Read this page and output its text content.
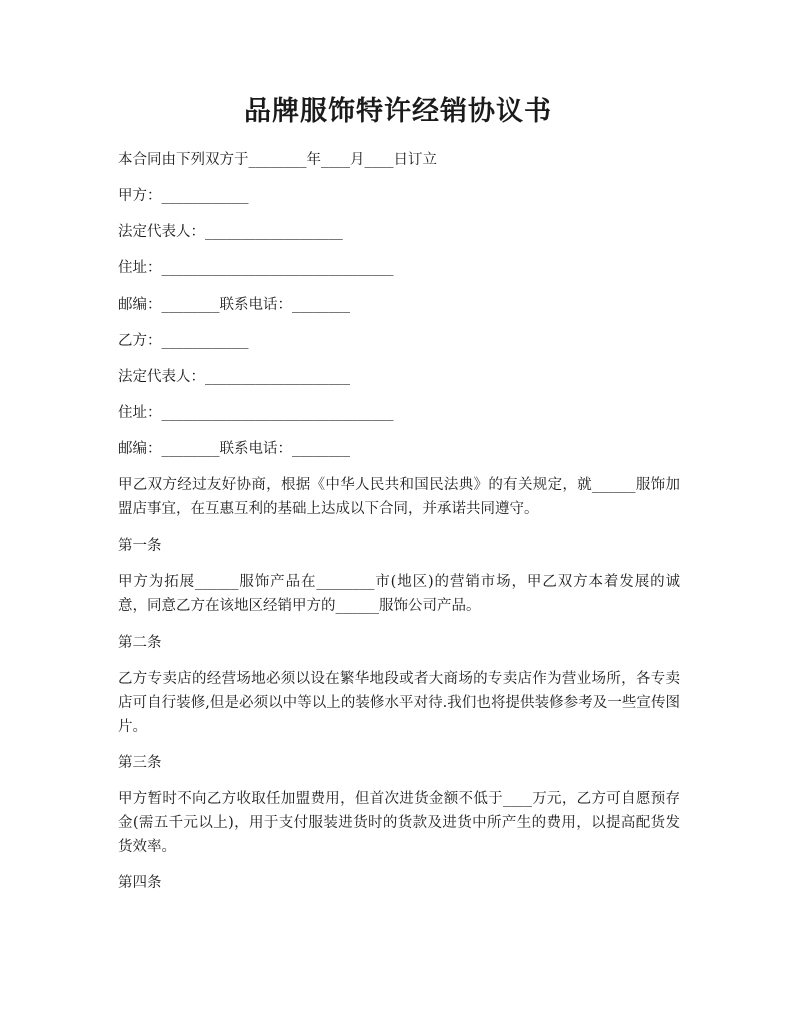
品牌服饰特许经销协议书

本合同由下列双方于________年____月____日订立

甲方：____________

法定代表人：___________________

住址：________________________________

邮编：________联系电话：________

乙方：____________

法定代表人：____________________

住址：________________________________

邮编：________联系电话：________

甲乙双方经过友好协商，根据《中华人民共和国民法典》的有关规定，就______服饰加盟店事宜，在互惠互利的基础上达成以下合同，并承诺共同遵守。

第一条

甲方为拓展______服饰产品在________市(地区)的营销市场，甲乙双方本着发展的诚意，同意乙方在该地区经销甲方的______服饰公司产品。

第二条

乙方专卖店的经营场地必须以设在繁华地段或者大商场的专卖店作为营业场所，各专卖店可自行装修,但是必须以中等以上的装修水平对待.我们也将提供装修参考及一些宣传图片。

第三条

甲方暂时不向乙方收取任加盟费用，但首次进货金额不低于____万元，乙方可自愿预存金(需五千元以上)，用于支付服装进货时的货款及进货中所产生的费用，以提高配货发货效率。

第四条
